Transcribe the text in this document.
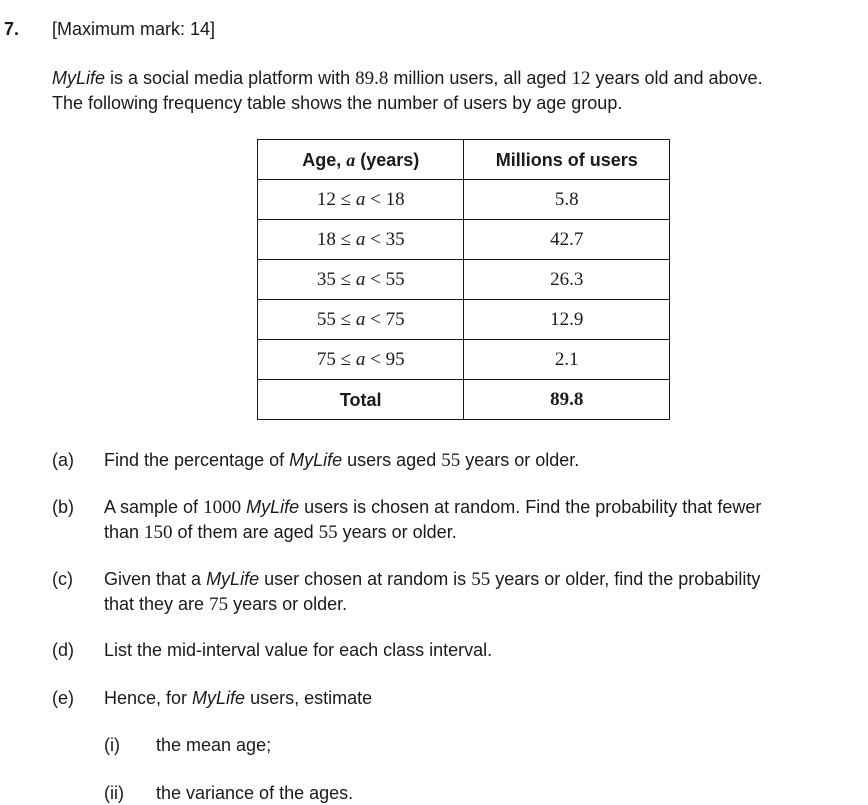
7. [Maximum mark: 14]

MyLife is a social media platform with 89.8 million users, all aged 12 years old and above.

The following frequency table shows the number of users by age group.

Age, a (years)	Millions of users
12 ≤ a < 18	5.8
18 ≤ a < 35	42.7
35 ≤ a < 55	26.3
55 ≤ a < 75	12.9
75 ≤ a < 95	2.1
Total	89.8
(a) Find the percentage of MyLife users aged 55 years or older.

(b) A sample of 1000 MyLife users is chosen at random. Find the probability that fewer

than 150 of them are aged 55 years or older.

(c) Given that a MyLife user chosen at random is 55 years or older, find the probability

that they are 75 years or older.

(d) List the mid-interval value for each class interval.

(e) Hence, for MyLife users, estimate

(i) the mean age;
(ii) the variance of the ages.
